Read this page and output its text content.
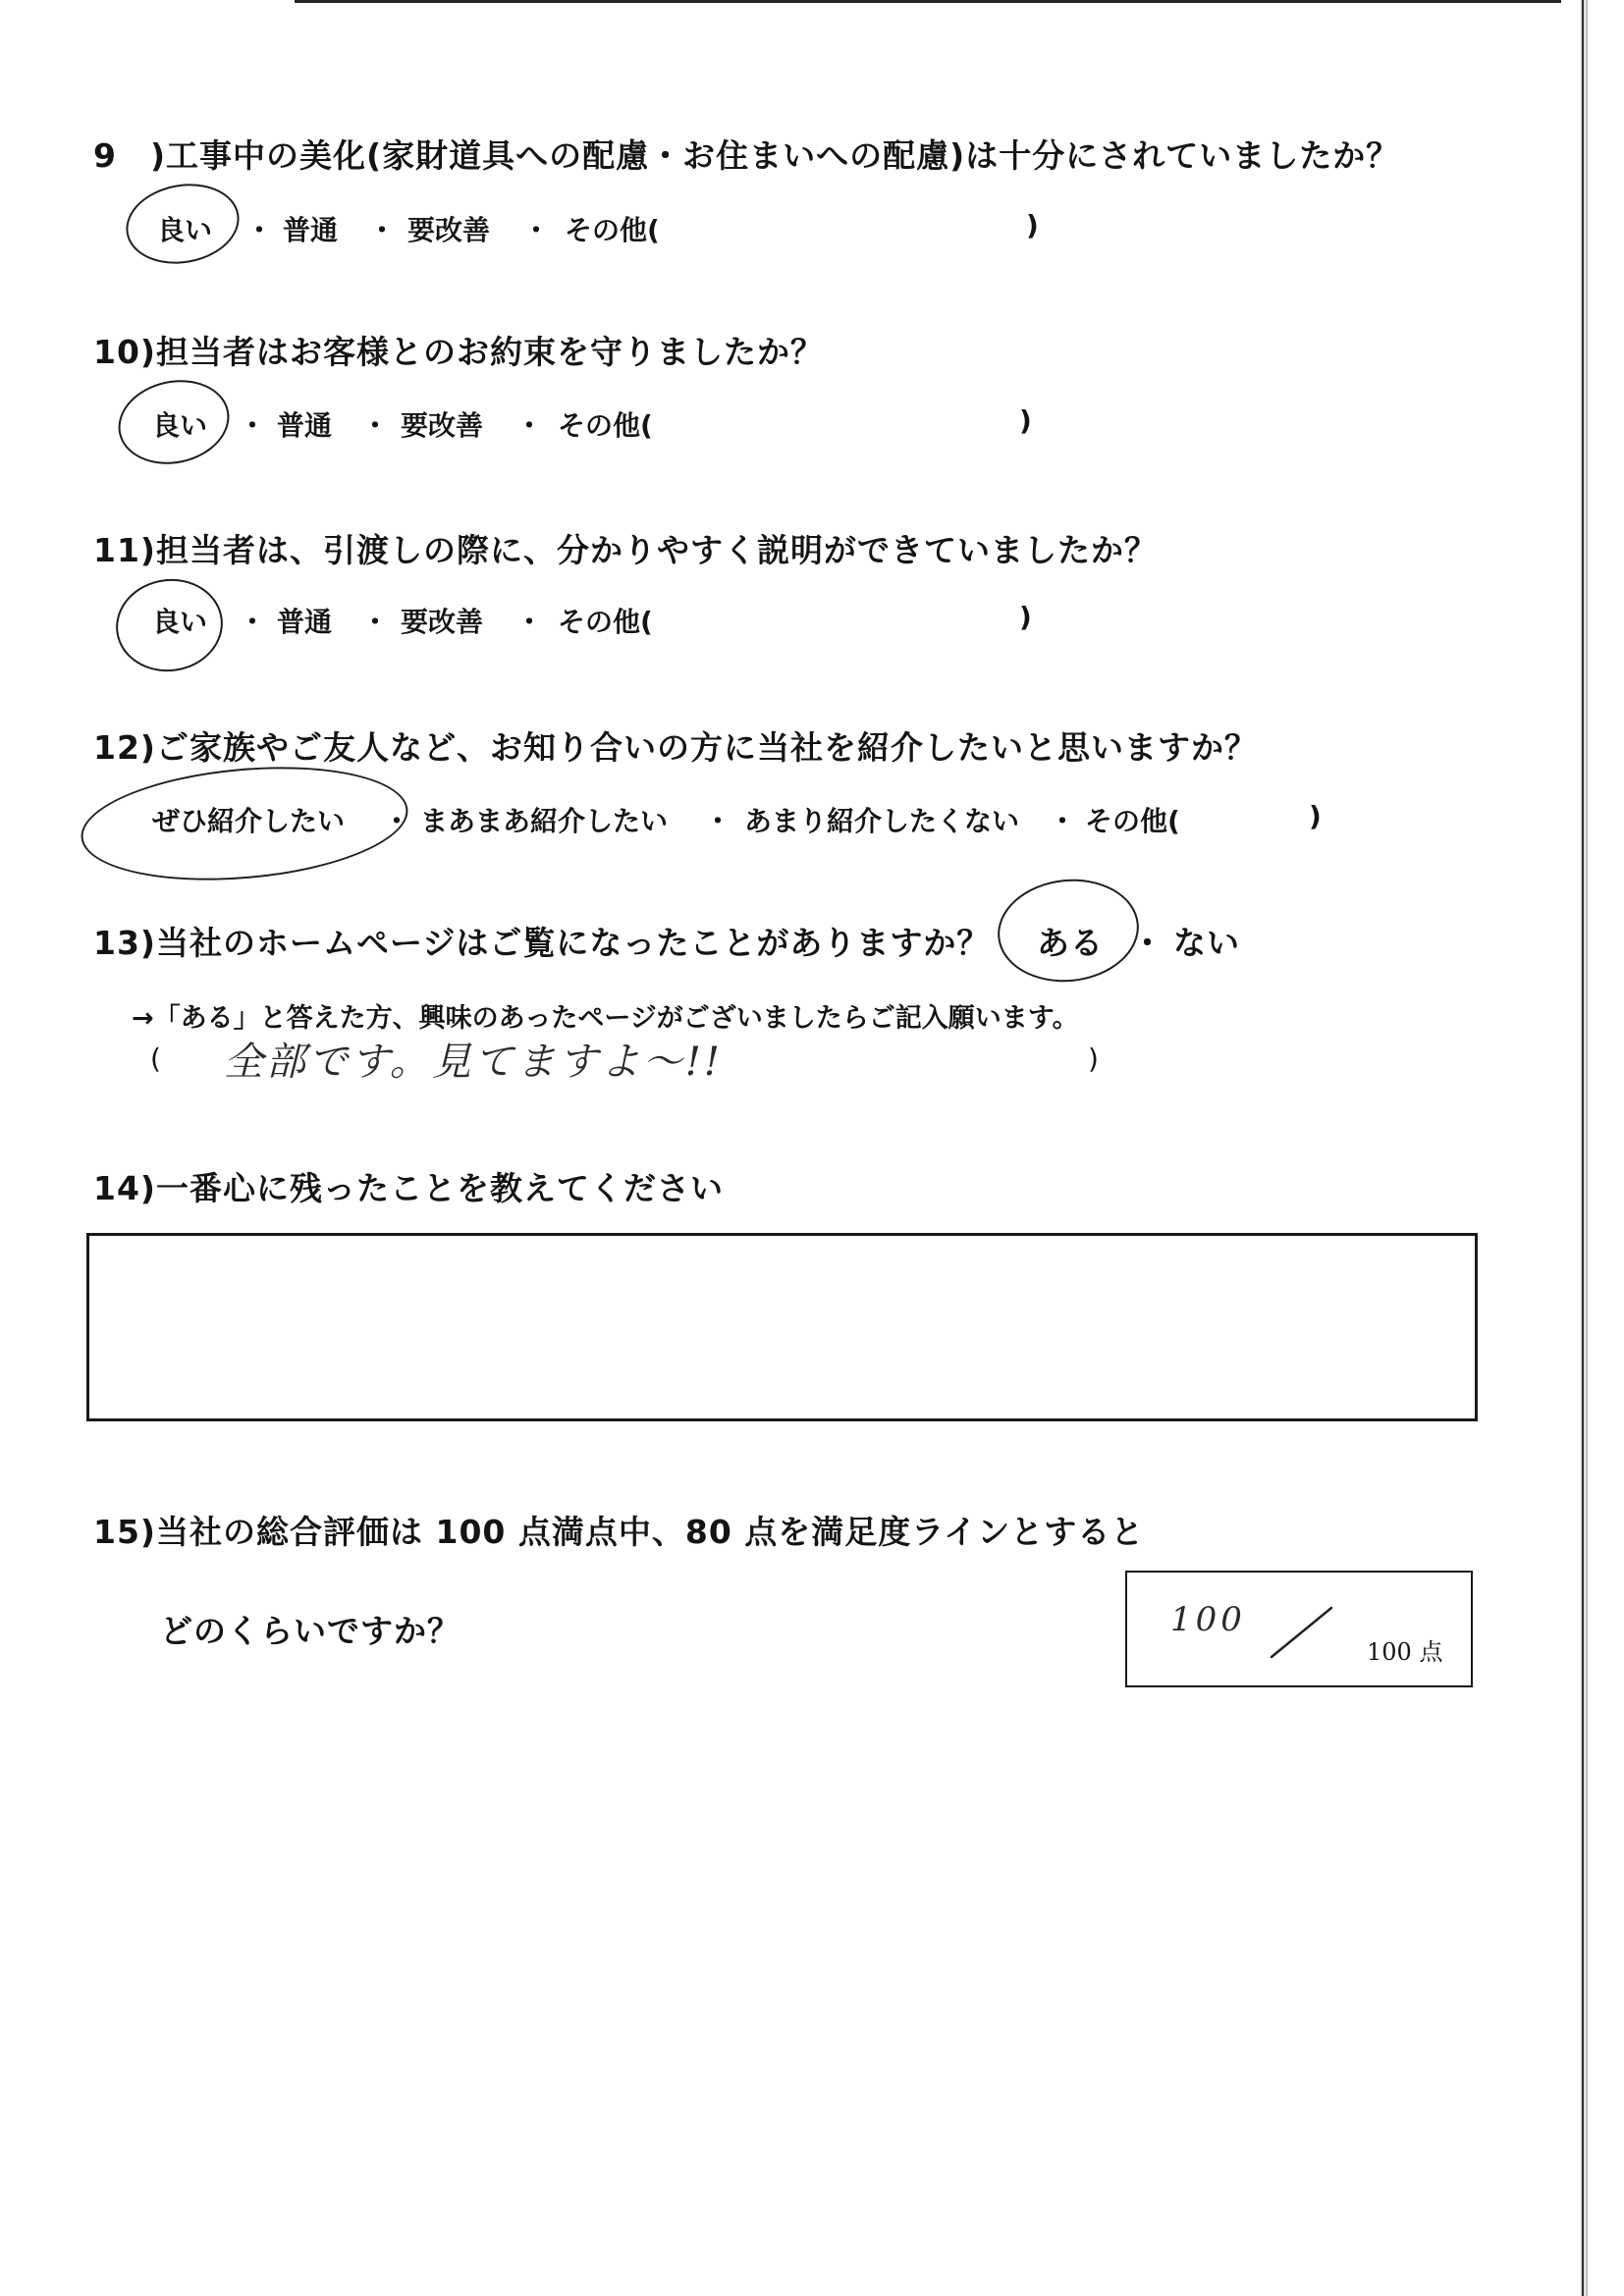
9　)工事中の美化(家財道具への配慮・お住まいへの配慮)は十分にされていましたか？
良い ・ 普通 ・ 要改善 ・ その他(	)
10)担当者はお客様とのお約束を守りましたか？
良い ・ 普通 ・ 要改善 ・ その他(	)
11)担当者は、引渡しの際に、分かりやすく説明ができていましたか？
良い ・ 普通 ・ 要改善 ・ その他(	)
12)ご家族やご友人など、お知り合いの方に当社を紹介したいと思いますか？
ぜひ紹介したい ・ まあまあ紹介したい ・ あまり紹介したくない ・ その他(	)
13)当社のホームページはご覧になったことがありますか？ ある ・ ない
→「ある」と答えた方、興味のあったページがございましたらご記入願います。
( 全部です。見てますよ～!!	)
14)一番心に残ったことを教えてください
15)当社の総合評価は 100 点満点中、80 点を満足度ラインとすると
どのくらいですか？	100
100 点
